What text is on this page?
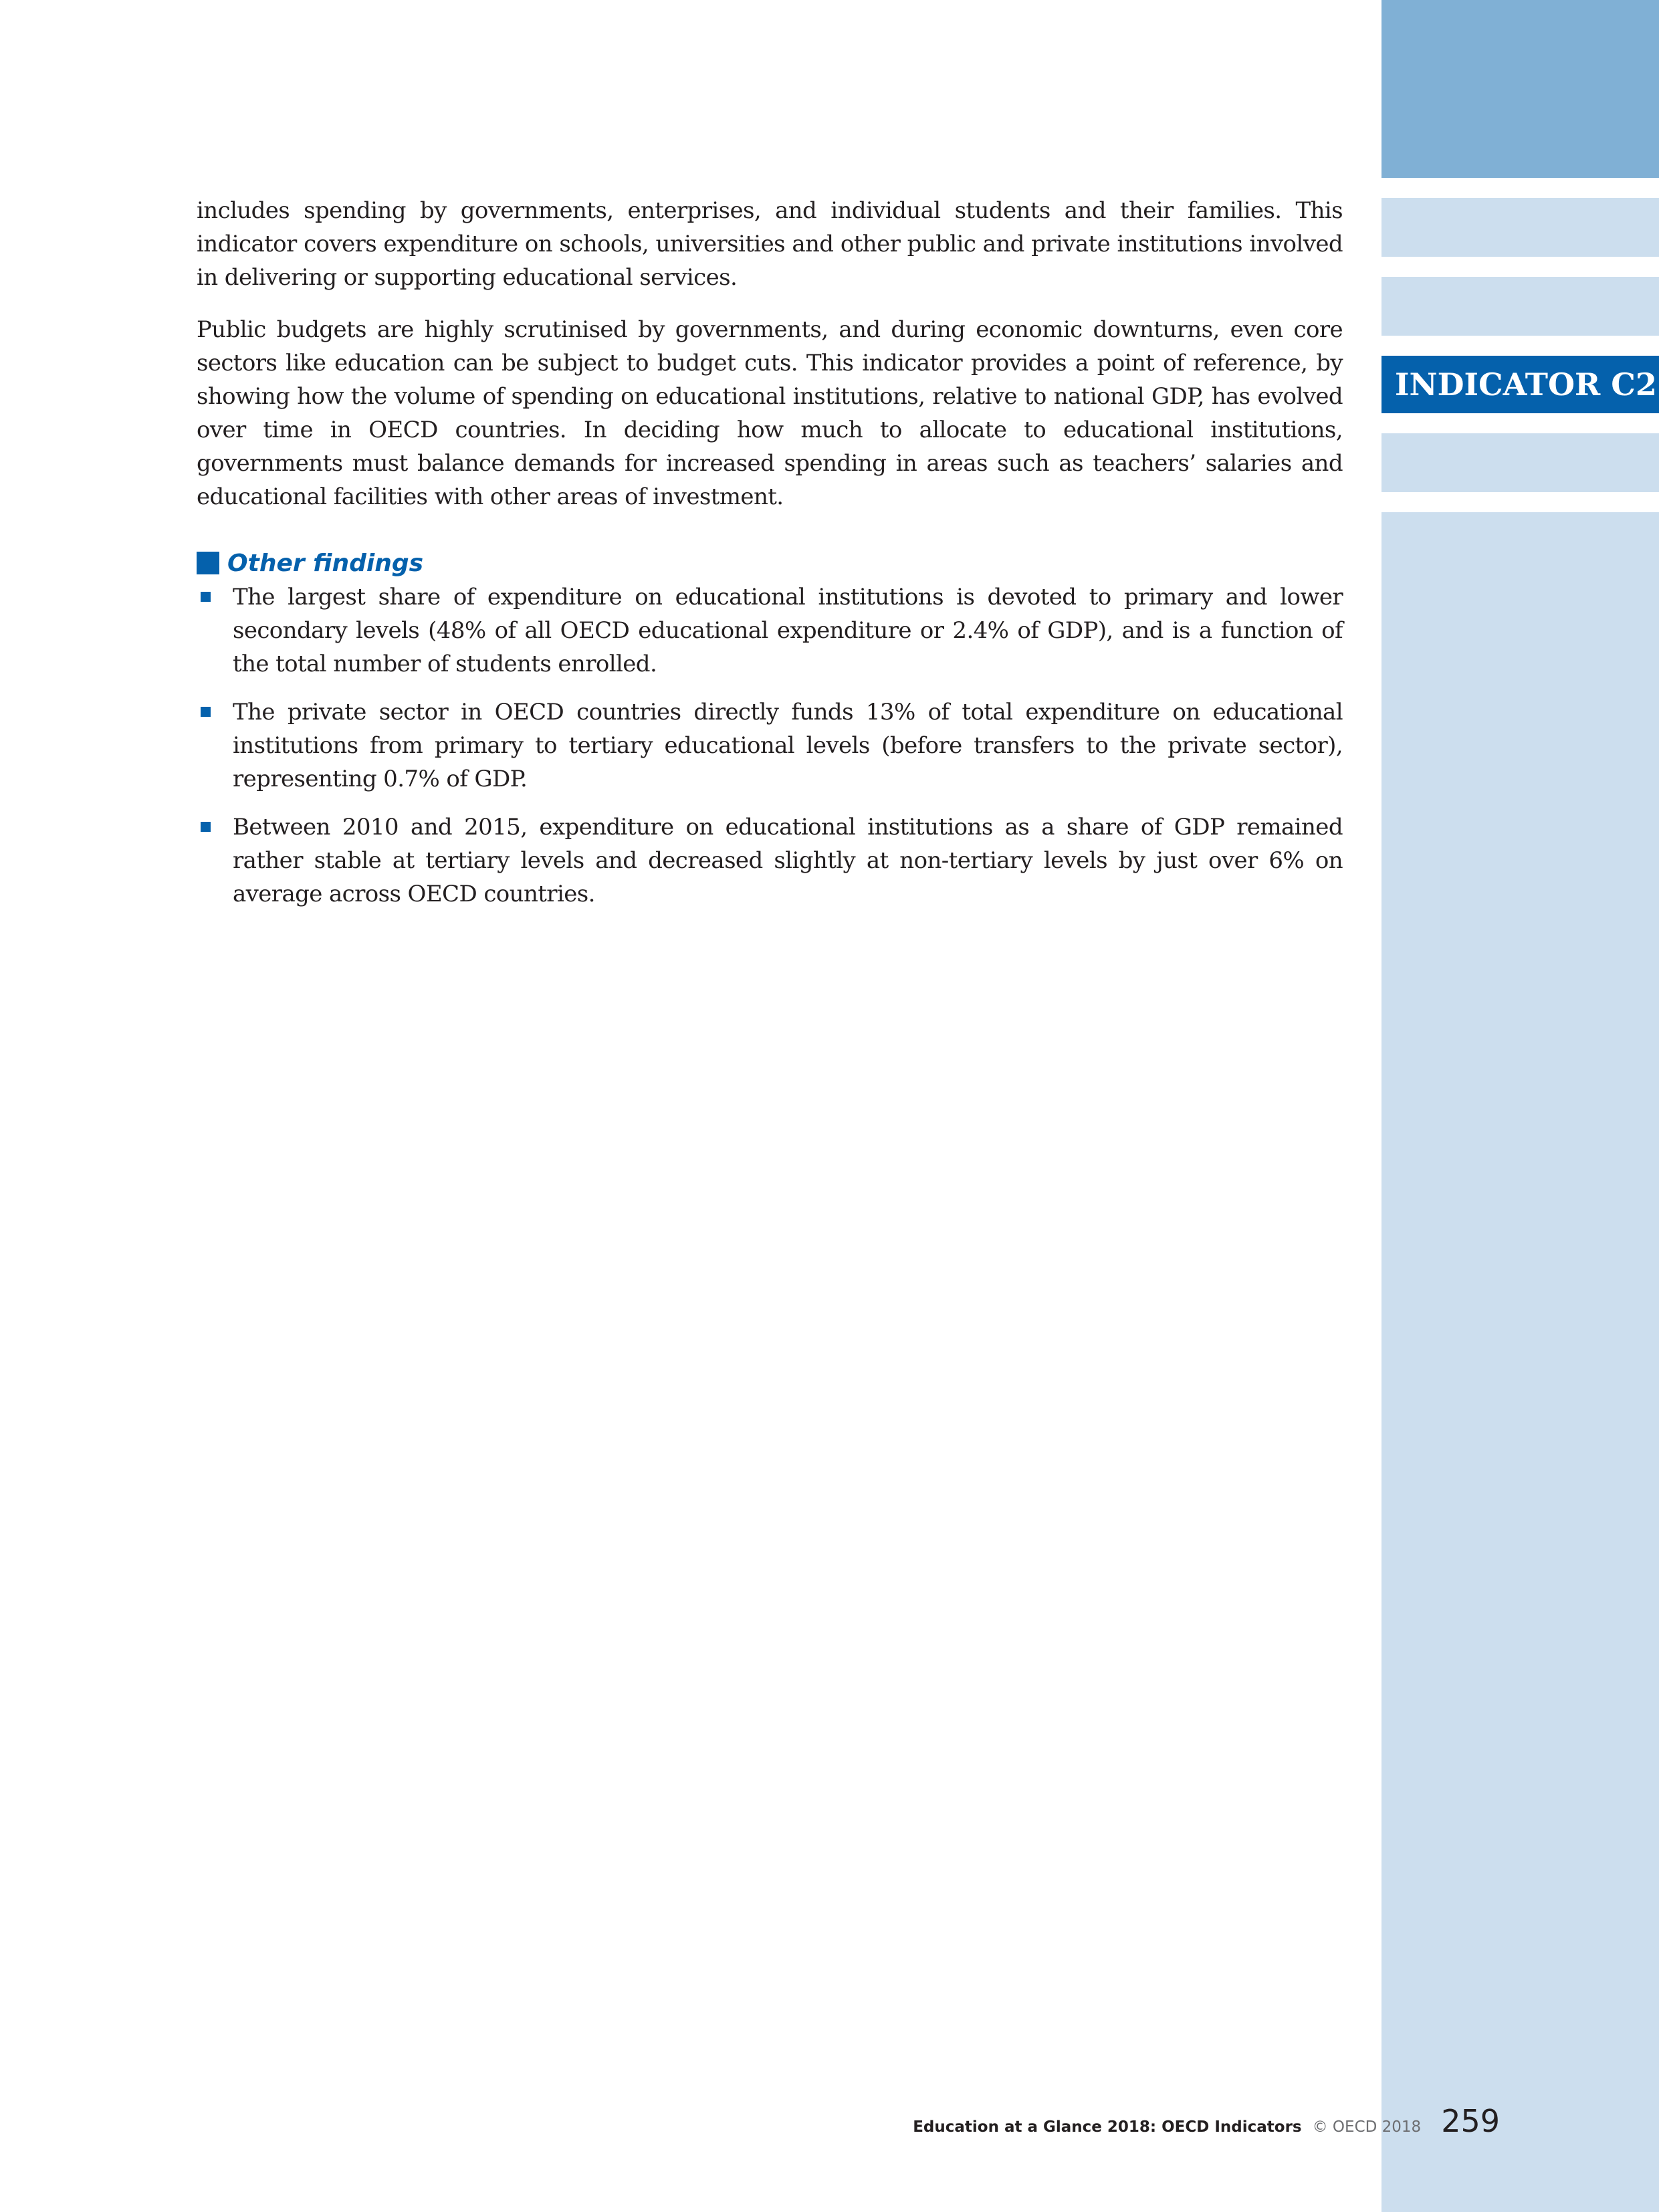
INDICATOR C2

includes spending by governments, enterprises, and individual students and their families. This indicator covers expenditure on schools, universities and other public and private institutions involved in delivering or supporting educational services.

Public budgets are highly scrutinised by governments, and during economic downturns, even core sectors like education can be subject to budget cuts. This indicator provides a point of reference, by showing how the volume of spending on educational institutions, relative to national GDP, has evolved over time in OECD countries. In deciding how much to allocate to educational institutions, governments must balance demands for increased spending in areas such as teachers’ salaries and educational facilities with other areas of investment.

Other findings
The largest share of expenditure on educational institutions is devoted to primary and lower secondary levels (48% of all OECD educational expenditure or 2.4% of GDP), and is a function of the total number of students enrolled.
The private sector in OECD countries directly funds 13% of total expenditure on educational institutions from primary to tertiary educational levels (before transfers to the private sector), representing 0.7% of GDP.
Between 2010 and 2015, expenditure on educational institutions as a share of GDP remained rather stable at tertiary levels and decreased slightly at non-tertiary levels by just over 6% on average across OECD countries.
Education at a Glance 2018: OECD Indicators © OECD 2018 259
